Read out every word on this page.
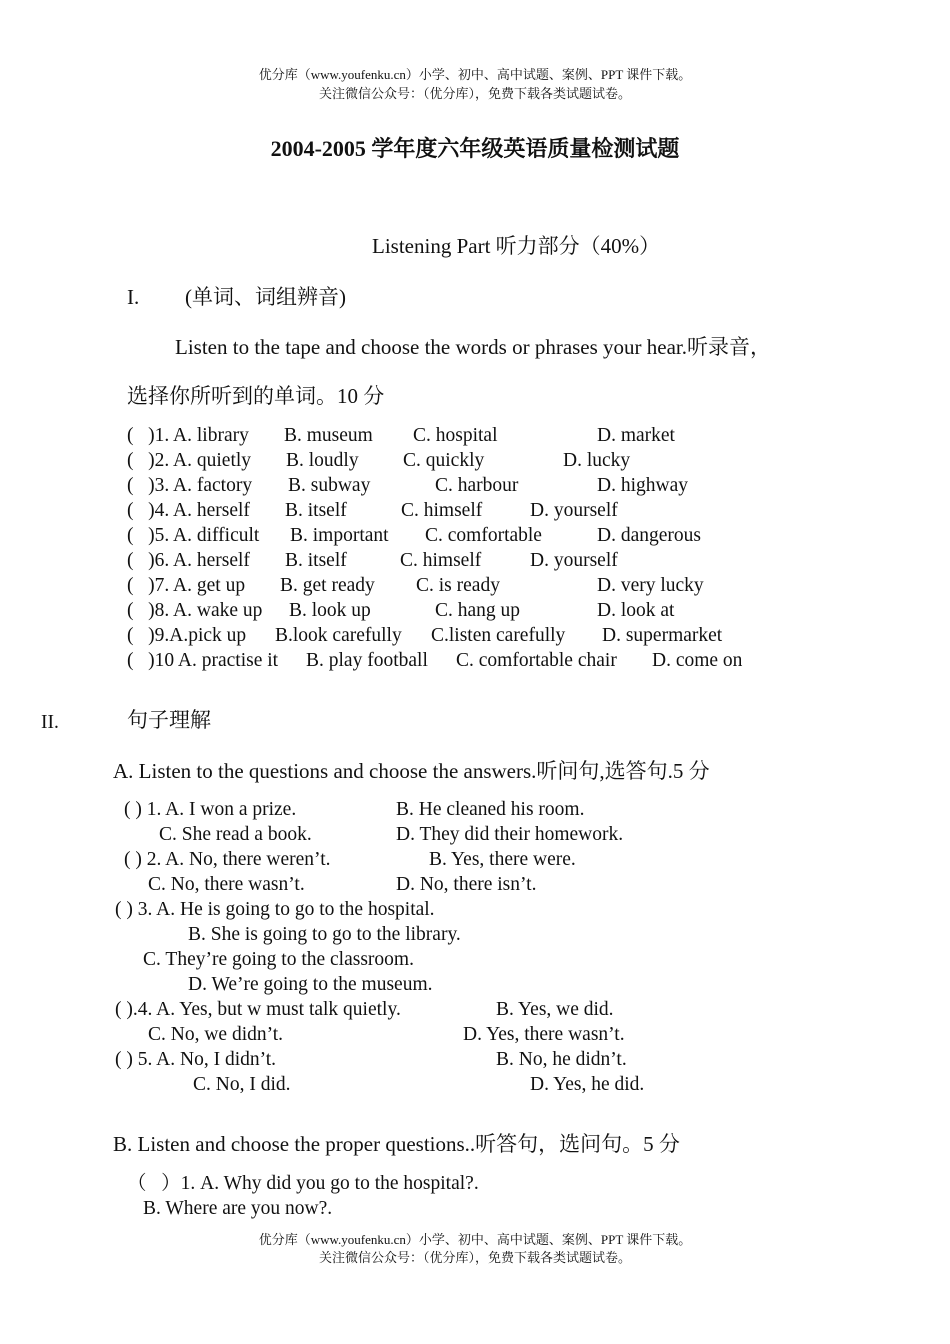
优分库（www.youfenku.cn）小学、初中、高中试题、案例、PPT 课件下载。
关注微信公众号：（优分库），免费下载各类试题试卷。
2004-2005 学年度六年级英语质量检测试题
Listening Part 听力部分（40%）
I. (单词、词组辨音)
Listen to the tape and choose the words or phrases your hear.听录音，
选择你所听到的单词。10 分
(   )1. A. library B. museum C. hospital	D. market
(   )2. A. quietly B. loudly C. quickly	D. lucky
(   )3. A. factory B. subway	C. harbour	D. highway
(   )4. A. herself B. itself	C. himself D. yourself
(   )5. A. difficult B. important C. comfortable	D. dangerous
(   )6. A. herself B. itself	C. himself	D. yourself
(   )7. A. get up B. get ready C. is ready	D. very lucky
(   )8. A. wake up B. look up	C. hang up	D. look at
(   )9.A.pick up B.look carefully C.listen carefully D. supermarket
(   )10 A. practise it B. play football C. comfortable chair D. come on
II.	句子理解
A. Listen to the questions and choose the answers.听问句,选答句.5 分
( ) 1. A. I won a prize.	B. He cleaned his room.
C. She read a book.	D. They did their homework.
( ) 2. A. No, there weren’t.	B. Yes, there were.
C. No, there wasn’t.	D. No, there isn’t.
( ) 3. A. He is going to go to the hospital.
B. She is going to go to the library.
C. They’re going to the classroom.
D. We’re going to the museum.
( ).4. A. Yes, but w must talk quietly.	B. Yes, we did.
C. No, we didn’t.	D. Yes, there wasn’t.
( ) 5. A. No, I didn’t.	B. No, he didn’t.
C. No, I did.	D. Yes, he did.
B. Listen and choose the proper questions..听答句，选问句。5 分
（   ）1. A. Why did you go to the hospital?.
B. Where are you now?.
优分库（www.youfenku.cn）小学、初中、高中试题、案例、PPT 课件下载。
关注微信公众号：（优分库），免费下载各类试题试卷。
